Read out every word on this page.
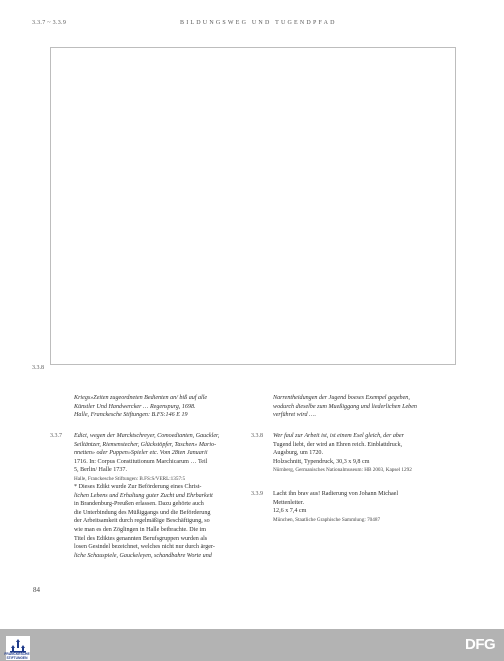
3.3.7 ~ 3.3.9	BILDUNGSWEG UND TUGENDPFAD
3.3.8

Kriegs»Zeiten zugeordneten Bedienten an/ biß auf alle

Künstler Und Handwercker … Regenspurg, 1698.

Halle, Franckesche Stiftungen: B.FS:146 E 19

3.3.7 Edict, wegen der Marcktschreyer, Comoedianten, Gauckler,

Seiltäntzer, Riemenstecher, Glückstöpfer, Taschen» Mario-

nnetten» oder Puppen»Spieler etc. Vom 28ten Januarii

1716. In: Corpus Constitutionum Marchicarum … Teil

5, Berlin/ Halle 1737.

Halle, Franckesche Stiftungen: B.FS:S/VERL:1357:5

* Dieses Edikt wurde Zur Beförderung eines Christ-

lichen Lebens und Erhaltung guter Zucht und Ehrbarkeit

in Brandenburg-Preußen erlassen. Dazu gehörte auch

die Unterbindung des Müßiggangs und die Beförderung

der Arbeitsamkeit durch regelmäßige Beschäftigung, so

wie man es den Zöglingen in Halle beibrachte. Die im

Titel des Ediktes genannten Berufsgruppen wurden als

losen Gesindel bezeichnet, welches nicht nur durch ärger-

liche Schauspiele, Gauckeleyen, schandbahre Worte und

Narrentheidungen der Jugend boeses Exempel gegeben,

wodurch dieselbe zum Mueßiggang und liederlichen Leben

verführet wird ….

3.3.8 Wer faul zur Arbeit ist, ist einem Esel gleich, der aber

Tugend liebt, der wird an Ehren reich. Einblattdruck,

Augsburg, um 1720.

Holzschnitt, Typendruck, 30,3 x 9,8 cm

Nürnberg, Germanisches Nationalmuseum: HB 2003, Kapsel 1292

3.3.9 Lacht ihn brav aus! Radierung von Johann Michael

Mettenleiter.

12,6 x 7,4 cm

München, Staatliche Graphische Sammlung: 70487

84
FRANCKESCHE
STIFTUNGEN
DFG
